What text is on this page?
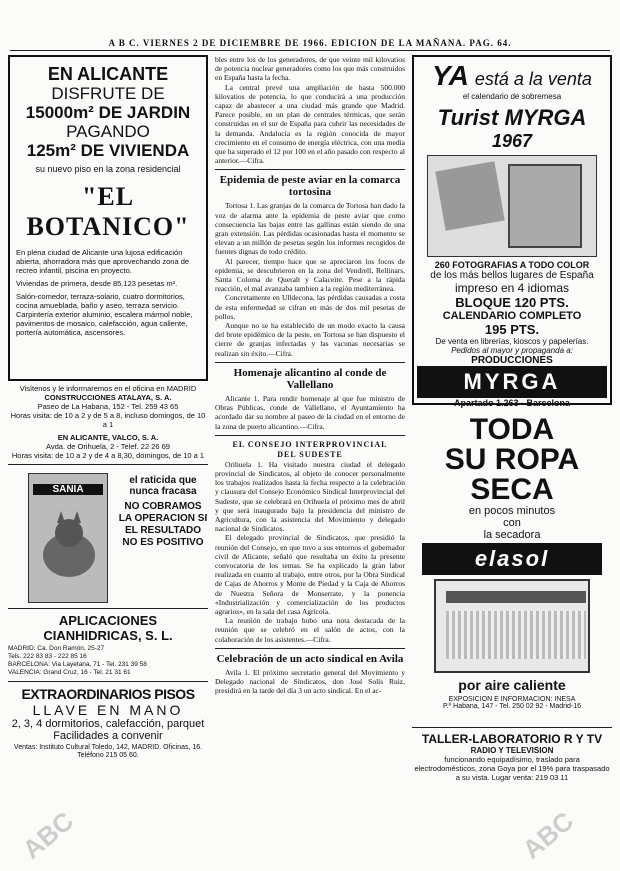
A B C. VIERNES 2 DE DICIEMBRE DE 1966. EDICION DE LA MAÑANA. PAG. 64.
EN ALICANTE
DISFRUTE DE
15000m² DE JARDIN
PAGANDO
125m² DE VIVIENDA
su nuevo piso en la zona residencial
"EL BOTANICO"
En plena ciudad de Alicante una lujosa edificación abierta, ahorradora más que aprovechando zona de recreo infantil, piscina en proyecto.
Viviendas de primera, desde 85.123 pesetas m².
Salón-comedor, terraza-solario, cuatro dormitorios, cocina amueblada, baño y aseo, terraza servicio. Carpintería exterior aluminio, escalera mármol noble, pavimentos de mosaico, calefacción, agua caliente, portería automática, ascensores.
Visítenos y le informaremos en el oficina en MADRID
CONSTRUCCIONES ATALAYA, S. A.
Paseo de La Habana, 152 - Tel. 259 43 65
Horas visita: de 10 a 2 y de 5 a 8, incluso domingos, de 10 a 1
EN ALICANTE, VALCO, S. A.
Avda. de Orihuela, 2 - Telef. 22 26 69
Horas visita: de 10 a 2 y de 4 a 8,30, domingos, de 10 a 1
SANIA
el raticida que nunca fracasa
NO COBRAMOS LA OPERACION SI EL RESULTADO NO ES POSITIVO
APLICACIONES
CIANHIDRICAS, S. L.
MADRID: Ca. Don Ramón, 25-27
Tels. 222 83 83 - 222 85 16
BARCELONA: Via Layetana, 71 - Tel. 231 39 58
VALENCIA: Grand Cruz, 16 - Tel. 21 31 61
EXTRAORDINARIOS PISOS
LLAVE EN MANO
2, 3, 4 dormitorios, calefacción, parquet
Facilidades a convenir
Ventas: Instituto Cultural Toledo, 142, MADRID. Oficinas, 16. Teléfono 215 05 60.
bles entre los de los generadores, de que veinte mil kilovatios de potencia nuclear generadores como los que más construidos en España hasta la fecha.
La central prevé una ampliación de hasta 500.000 kilovatios de potencia, lo que conducirá a una producción capaz de abastecer a una ciudad más grande que Madrid. Parece posible, en un plan de centrales térmicas, que serán construidas en el sur de España para cubrir las necesidades de la demanda. Andalucía es la región conocida de mayor crecimiento en el consumo de energía eléctrica, con una media que ha superado el 12 por 100 en el año pasado con respecto al anterior.—Cifra.
Epidemia de peste aviar en la comarca tortosina
Tortosa 1. Las granjas de la comarca de Tortosa han dado la voz de alarma ante la epidemia de peste aviar que como consecuencia las bajas entre las gallinas están siendo de una gran extensión. Las pérdidas ocasionadas hasta el momento se elevan a un millón de pesetas según los informes recogidos de fuentes dignas de todo crédito.
Al parecer, tiempo hace que se apreciaron los focos de epidemia, se descubrieron en la zona del Vendrell, Rellinars, Santa Coloma de Queralt y Calaceite. Pese a la rápida reacción, el mal avanzaba tambien a la región mediterránea.
Concretamente en Ulldecona, las pérdidas causadas a costa de esta enfermedad se cifran en más de dos mil pesetas de pollos.
Aunque no se ha establecido de un modo exacto la causa del brote epidémico de la peste, en Tortosa se han dispuesto el cierre de granjas infectadas y las vacunas necesarias se realizan sin éxito.—Cifra.
Homenaje alicantino al conde de Vallellano
Alicante 1. Para rendir homenaje al que fue ministro de Obras Públicas, conde de Vallellano, el Ayuntamiento ha acordado dar su nombre al paseo de la ciudad en el entorno de la zona de puerto alicantino.—Cifra.
EL CONSEJO INTERPROVINCIAL
DEL SUDESTE
Orihuela 1. Ha visitado nuestra ciudad el delegado provincial de Sindicatos, al objeto de conocer personalmente los trabajos realizados hasta la fecha respecto a la celebración y clausura del Consejo Económico Sindical Interprovincial del Sudeste, que se celebrará en Orihuela el próximo mes de abril y que será inaugurado bajo la presidencia del ministro de Agricultura, con la asistencia del Movimiento y delegado nacional de Sindicatos.
El delegado provincial de Sindicatos, que presidió la reunión del Consejo, en que tuvo a sus entornos el gobernador civil de Alicante, señaló que resultaba un éxito la presente convocatoria de los temas. Se ha explicado la gran labor realizada en cuanto al trabajo, entre otros, por la Obra Sindical de Cajas de Ahorros y Monte de Piedad y la Caja de Ahorros de Nuestra Señora de Monserrate, y la ponencia «Industrialización y comercialización de los productos agrarios», en la sala del casa Agrícola.
La reunión de trabajo hubo una nota destacada de la reunión que se celebró en el salón de actos, con la colaboración de los asistentes.—Cifra.
Celebración de un acto sindical en Avila
Avila 1. El próximo secretario general del Movimiento y Delegado nacional de Sindicatos, don José Solís Ruiz, presidirá en la tarde del día 3 un acto sindical. En el ac-
YA está a la venta
el calendario de sobremesa
Turist MYRGA
1967
260 FOTOGRAFIAS A TODO COLOR
de los más bellos lugares de España
impreso en 4 idiomas
BLOQUE 120 PTS.
CALENDARIO COMPLETO
195 PTS.
De venta en librerías, kioscos y papelerías.
Pedidos al mayor y propaganda a:
PRODUCCIONES
MYRGA
Apartado 1.263 - Barcelona
TODA
SU ROPA
SECA
en pocos minutos
con
la secadora
elasol
por aire caliente
EXPOSICION E INFORMACION: INESA
P.º Habana, 147 - Tel. 250 02 92 - Madrid-16
TALLER-LABORATORIO R Y TV
RADIO Y TELEVISION
funcionando equipadísimo, traslado para electrodomésticos, zona Goya por el 19% para traspasado a su vista. Lugar venta: 219 03 11
ABC	ABC
